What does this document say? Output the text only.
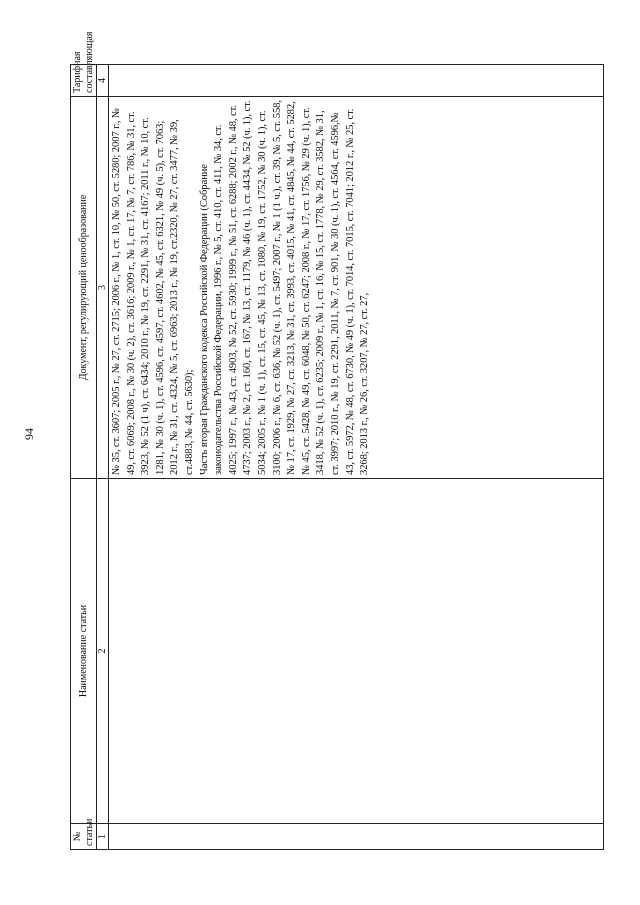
94
№ статьи	Наименование статьи	Документ, регулирующий ценообразование	Тарифная составляющая
1	2	3	4

		№ 35, ст. 3607; 2005 г., № 27, ст. 2715; 2006 г., № 1, ст. 10, № 50, ст. 5280; 2007 г., № 49, ст. 6069; 2008 г., № 30 (ч. 2), ст. 3616; 2009 г., № 1, ст. 17, № 7, ст. 786, № 31, ст. 3923, № 52 (1 ч), ст. 6434; 2010 г., № 19, ст. 2291, № 31, ст. 4167; 2011 г., № 10, ст. 1281, № 30 (ч. 1), ст. 4596, ст. 4597, ст. 4602, № 45, ст. 6321, № 49 (ч. 5), ст. 7063; 2012 г., № 31, ст. 4324, № 5, ст. 6963; 2013 г., № 19, ст.2320, № 27, ст. 3477, № 39, ст.4883, № 44, ст. 5630); Часть вторая Гражданского кодекса Российской Федерации (Собрание законодательства Российской Федерации, 1996 г., № 5, ст. 410, ст. 411, № 34, ст. 4025; 1997 г., № 43, ст. 4903, № 52, ст. 5930; 1999 г., № 51, ст. 6288; 2002 г., № 48, ст. 4737; 2003 г., № 2, ст. 160, ст. 167, № 13, ст. 1179, № 46 (ч. 1), ст. 4434, № 52 (ч. 1), ст. 5034; 2005 г., № 1 (ч. 1), ст. 15, ст. 45, № 13, ст. 1080, № 19, ст. 1752, № 30 (ч. 1), ст. 3100; 2006 г., № 6, ст. 636, № 52 (ч. 1), ст. 5497; 2007 г., № 1 (1 ч.), ст. 39, № 5, ст. 558, № 17, ст. 1929, № 27, ст. 3213, № 31, ст. 3993, ст. 4015, № 41, ст. 4845, № 44, ст. 5282, № 45, ст. 5428, № 49, ст. 6048, № 50, ст. 6247; 2008 г., № 17, ст. 1756, № 29 (ч. 1), ст. 3418, № 52 (ч. 1), ст. 6235; 2009 г., № 1, ст. 16, № 15, ст. 1778, № 29, ст. 3582, № 31, ст. 3997; 2010 г., № 19, ст. 2291, 2011, № 7, ст. 901, № 30 (ч. 1), ст. 4564, ст. 4596,№ 43, ст. 5972, № 48, ст. 6730, № 49 (ч. 1), ст. 7014, ст. 7015, ст. 7041; 2012 г., № 25, ст. 3268; 2013 г., № 26, ст. 3207, № 27, ст. 27,	
